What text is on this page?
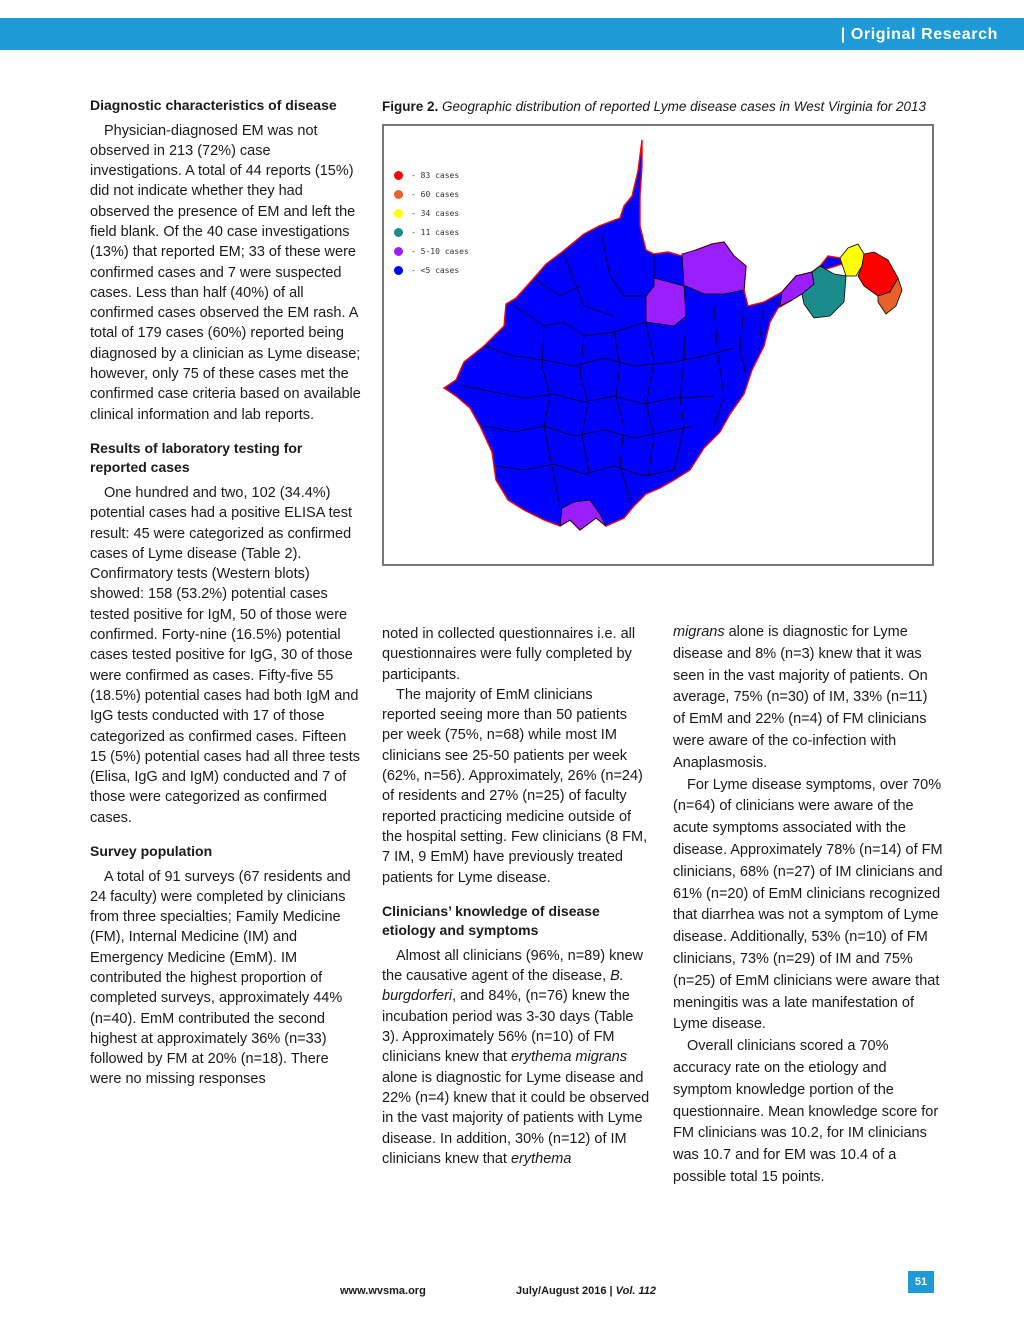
| Original Research
Diagnostic characteristics of disease

Physician-diagnosed EM was not observed in 213 (72%) case investigations. A total of 44 reports (15%) did not indicate whether they had observed the presence of EM and left the field blank. Of the 40 case investigations (13%) that reported EM; 33 of these were confirmed cases and 7 were suspected cases. Less than half (40%) of all confirmed cases observed the EM rash. A total of 179 cases (60%) reported being diagnosed by a clinician as Lyme disease; however, only 75 of these cases met the confirmed case criteria based on available clinical information and lab reports.

Results of laboratory testing for reported cases

One hundred and two, 102 (34.4%) potential cases had a positive ELISA test result: 45 were categorized as confirmed cases of Lyme disease (Table 2). Confirmatory tests (Western blots) showed: 158 (53.2%) potential cases tested positive for IgM, 50 of those were confirmed. Forty-nine (16.5%) potential cases tested positive for IgG, 30 of those were confirmed as cases. Fifty-five 55 (18.5%) potential cases had both IgM and IgG tests conducted with 17 of those categorized as confirmed cases. Fifteen 15 (5%) potential cases had all three tests (Elisa, IgG and IgM) conducted and 7 of those were categorized as confirmed cases.

Survey population

A total of 91 surveys (67 residents and 24 faculty) were completed by clinicians from three specialties; Family Medicine (FM), Internal Medicine (IM) and Emergency Medicine (EmM). IM contributed the highest proportion of completed surveys, approximately 44% (n=40). EmM contributed the second highest at approximately 36% (n=33) followed by FM at 20% (n=18). There were no missing responses

Figure 2. Geographic distribution of reported Lyme disease cases in West Virginia for 2013
- 83 cases
- 60 cases
- 34 cases
- 11 cases
- 5-10 cases
- <5 cases

noted in collected questionnaires i.e. all questionnaires were fully completed by participants.

The majority of EmM clinicians reported seeing more than 50 patients per week (75%, n=68) while most IM clinicians see 25-50 patients per week (62%, n=56). Approximately, 26% (n=24) of residents and 27% (n=25) of faculty reported practicing medicine outside of the hospital setting. Few clinicians (8 FM, 7 IM, 9 EmM) have previously treated patients for Lyme disease.

Clinicians’ knowledge of disease etiology and symptoms

Almost all clinicians (96%, n=89) knew the causative agent of the disease, B. burgdorferi, and 84%, (n=76) knew the incubation period was 3-30 days (Table 3). Approximately 56% (n=10) of FM clinicians knew that erythema migrans alone is diagnostic for Lyme disease and 22% (n=4) knew that it could be observed in the vast majority of patients with Lyme disease. In addition, 30% (n=12) of IM clinicians knew that erythema

migrans alone is diagnostic for Lyme disease and 8% (n=3) knew that it was seen in the vast majority of patients. On average, 75% (n=30) of IM, 33% (n=11) of EmM and 22% (n=4) of FM clinicians were aware of the co-infection with Anaplasmosis.

For Lyme disease symptoms, over 70% (n=64) of clinicians were aware of the acute symptoms associated with the disease. Approximately 78% (n=14) of FM clinicians, 68% (n=27) of IM clinicians and 61% (n=20) of EmM clinicians recognized that diarrhea was not a symptom of Lyme disease. Additionally, 53% (n=10) of FM clinicians, 73% (n=29) of IM and 75% (n=25) of EmM clinicians were aware that meningitis was a late manifestation of Lyme disease.

Overall clinicians scored a 70% accuracy rate on the etiology and symptom knowledge portion of the questionnaire. Mean knowledge score for FM clinicians was 10.2, for IM clinicians was 10.7 and for EM was 10.4 of a possible total 15 points.

www.wvsma.org	July/August 2016 | Vol. 112
51
